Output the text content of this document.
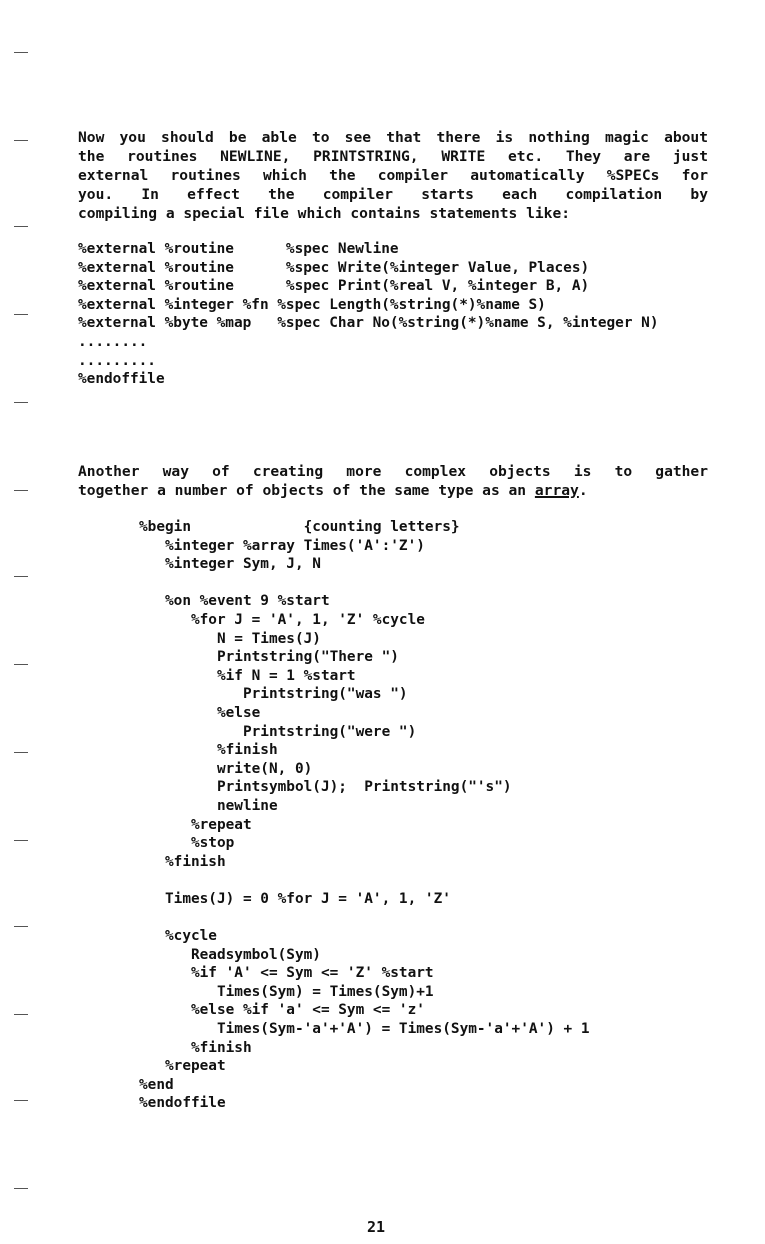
Now you should be able to see that there is nothing magic about
the routines NEWLINE, PRINTSTRING, WRITE etc. They are just
external routines which the compiler automatically %SPECs for
you. In effect the compiler starts each compilation by
compiling a special file which contains statements like:
%external %routine      %spec Newline
%external %routine      %spec Write(%integer Value, Places)
%external %routine      %spec Print(%real V, %integer B, A)
%external %integer %fn %spec Length(%string(*)%name S)
%external %byte %map   %spec Char No(%string(*)%name S, %integer N)
........
.........
%endoffile
Another way of creating more complex objects is to gather
together a number of objects of the same type as an array.
%begin             {counting letters}
%integer %array Times('A':'Z')
%integer Sym, J, N

%on %event 9 %start
%for J = 'A', 1, 'Z' %cycle
N = Times(J)
Printstring("There ")
%if N = 1 %start
Printstring("was ")
%else
Printstring("were ")
%finish
write(N, 0)
Printsymbol(J);  Printstring("'s")
newline
%repeat
%stop
%finish

Times(J) = 0 %for J = 'A', 1, 'Z'

%cycle
Readsymbol(Sym)
%if 'A' <= Sym <= 'Z' %start
Times(Sym) = Times(Sym)+1
%else %if 'a' <= Sym <= 'z'
Times(Sym-'a'+'A') = Times(Sym-'a'+'A') + 1
%finish
%repeat
%end
%endoffile
21
